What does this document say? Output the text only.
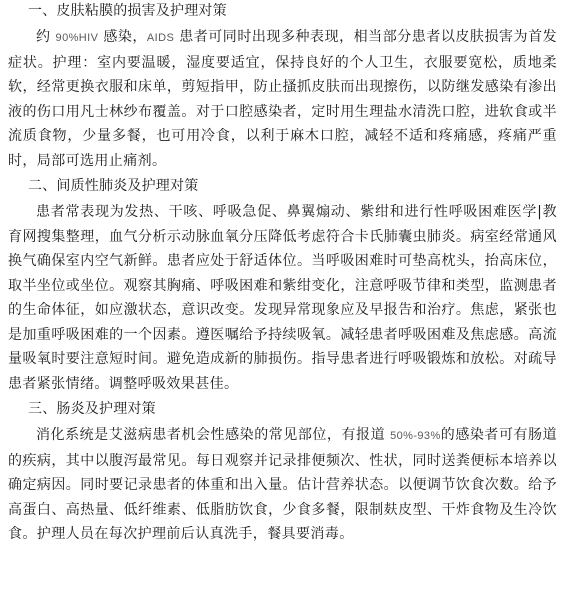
一、皮肤粘膜的损害及护理对策

约 90%HIV 感染，AIDS 患者可同时出现多种表现，相当部分患者以皮肤损害为首发症状。护理：室内要温暖，湿度要适宜，保持良好的个人卫生，衣服要宽松，质地柔软，经常更换衣服和床单，剪短指甲，防止搔抓皮肤而出现擦伤，以防继发感染有渗出液的伤口用凡士林纱布覆盖。对于口腔感染者，定时用生理盐水清洗口腔，进软食或半流质食物，少量多餐，也可用冷食，以利于麻木口腔，减轻不适和疼痛感，疼痛严重时，局部可选用止痛剂。

二、间质性肺炎及护理对策

患者常表现为发热、干咳、呼吸急促、鼻翼煽动、紫绀和进行性呼吸困难医学|教育网搜集整理，血气分析示动脉血氧分压降低考虑符合卡氏肺囊虫肺炎。病室经常通风换气确保室内空气新鲜。患者应处于舒适体位。当呼吸困难时可垫高枕头，抬高床位，取半坐位或坐位。观察其胸痛、呼吸困难和紫绀变化，注意呼吸节律和类型，监测患者的生命体征，如应激状态，意识改变。发现异常现象应及早报告和治疗。焦虑，紧张也是加重呼吸困难的一个因素。遵医嘱给予持续吸氧。减轻患者呼吸困难及焦虑感。高流量吸氧时要注意短时间。避免造成新的肺损伤。指导患者进行呼吸锻炼和放松。对疏导患者紧张情绪。调整呼吸效果甚佳。

三、肠炎及护理对策

消化系统是艾滋病患者机会性感染的常见部位，有报道 50%-93%的感染者可有肠道的疾病，其中以腹泻最常见。每日观察并记录排便频次、性状，同时送粪便标本培养以确定病因。同时要记录患者的体重和出入量。估计营养状态。以便调节饮食次数。给予高蛋白、高热量、低纤维素、低脂肪饮食，少食多餐，限制麸皮型、干炸食物及生冷饮食。护理人员在每次护理前后认真洗手，餐具要消毒。
